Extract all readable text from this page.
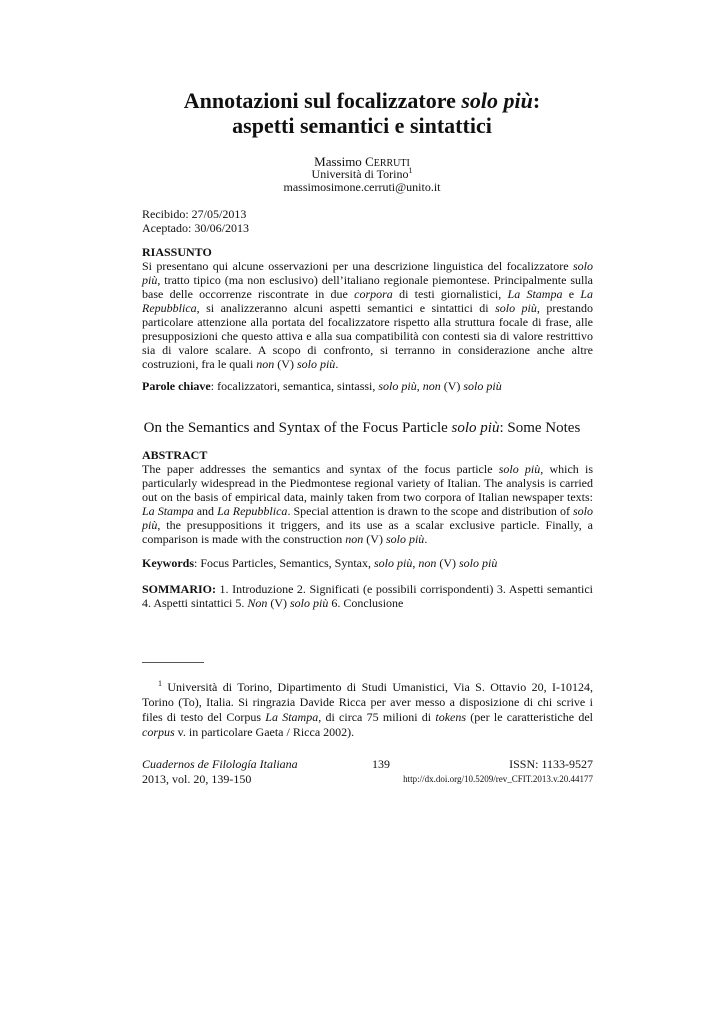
Annotazioni sul focalizzatore solo più:
aspetti semantici e sintattici
Massimo CERRUTI
Università di Torino$^1$
massimosimone.cerruti@unito.it
Recibido: 27/05/2013
Aceptado: 30/06/2013
RIASSUNTO
Si presentano qui alcune osservazioni per una descrizione linguistica del focalizzatore solo più, tratto tipico (ma non esclusivo) dell’italiano regionale piemontese. Principalmente sulla base delle occorrenze riscontrate in due corpora di testi giornalistici, La Stampa e La Repubblica, si analizzeranno alcuni aspetti semantici e sintattici di solo più, prestando particolare attenzione alla portata del focalizzatore rispetto alla struttura focale di frase, alle presupposizioni che questo attiva e alla sua compatibilità con contesti sia di valore restrittivo sia di valore scalare. A scopo di confronto, si terranno in considerazione anche altre costruzioni, fra le quali non (V) solo più.
Parole chiave: focalizzatori, semantica, sintassi, solo più, non (V) solo più
On the Semantics and Syntax of the Focus Particle solo più: Some Notes
ABSTRACT
The paper addresses the semantics and syntax of the focus particle solo più, which is particularly widespread in the Piedmontese regional variety of Italian. The analysis is carried out on the basis of empirical data, mainly taken from two corpora of Italian newspaper texts: La Stampa and La Repubblica. Special attention is drawn to the scope and distribution of solo più, the presuppositions it triggers, and its use as a scalar exclusive particle. Finally, a comparison is made with the construction non (V) solo più.
Keywords: Focus Particles, Semantics, Syntax, solo più, non (V) solo più
SOMMARIO: 1. Introduzione 2. Significati (e possibili corrispondenti) 3. Aspetti semantici 4. Aspetti sintattici 5. Non (V) solo più 6. Conclusione
$^1$ Università di Torino, Dipartimento di Studi Umanistici, Via S. Ottavio 20, I-10124, Torino (To), Italia. Si ringrazia Davide Ricca per aver messo a disposizione di chi scrive i files di testo del Corpus La Stampa, di circa 75 milioni di tokens (per le caratteristiche del corpus v. in particolare Gaeta / Ricca 2002).
Cuadernos de Filología Italiana
2013, vol. 20, 139-150
139	ISSN: 1133-9527
http://dx.doi.org/10.5209/rev_CFIT.2013.v.20.44177
